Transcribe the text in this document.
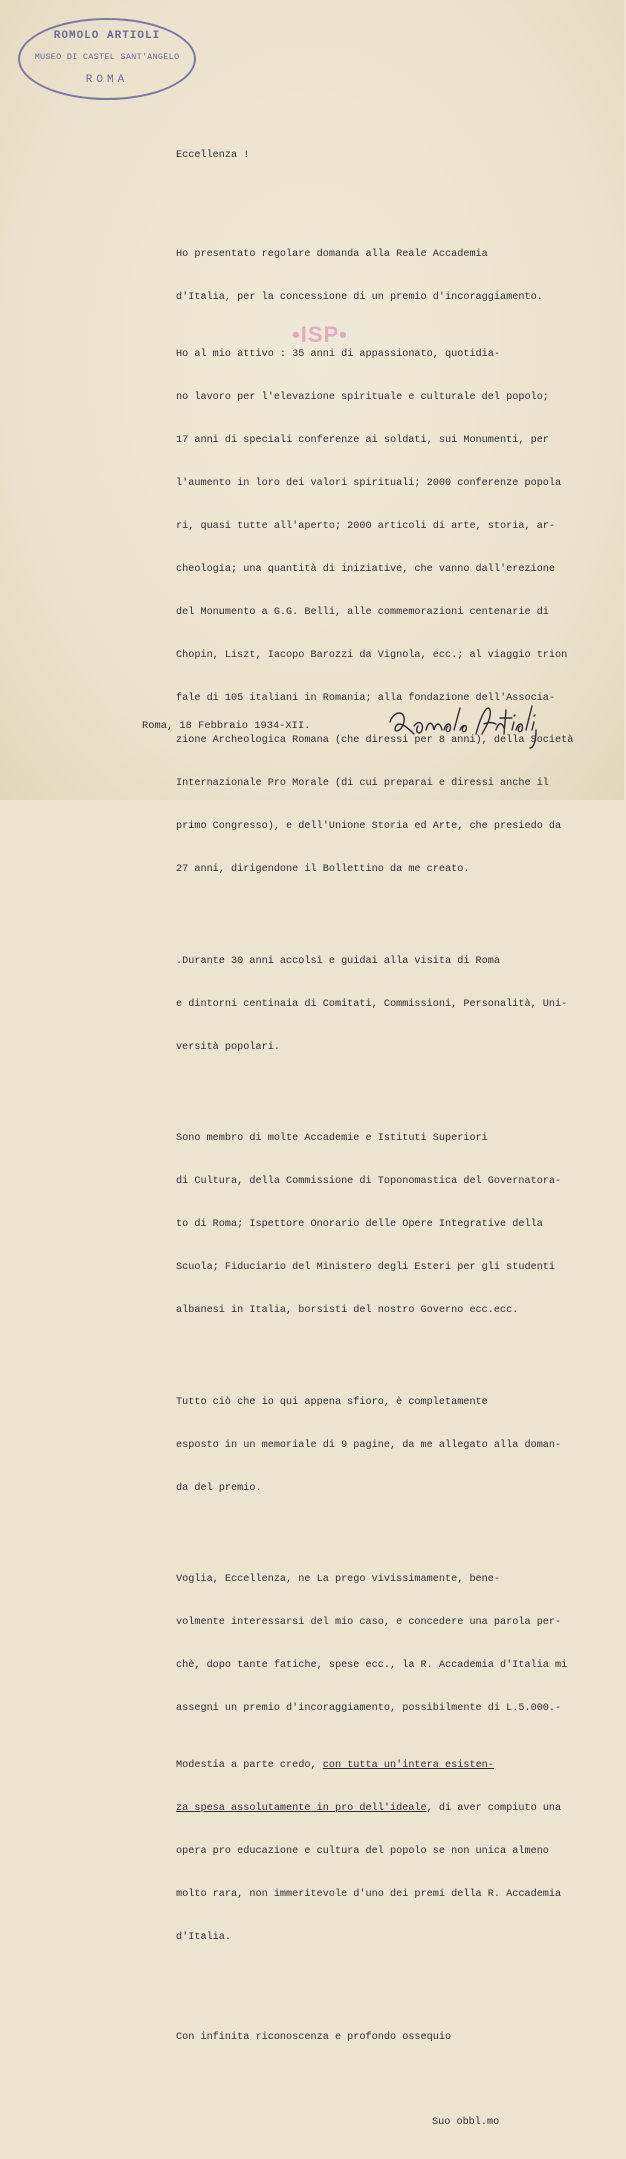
ROMOLO ARTIOLI
MUSEO DI CASTEL SANT'ANGELO
ROMA
•ISP•

Eccellenza !

Ho presentato regolare domanda alla Reale Accademia

d'Italia, per la concessione di un premio d'incoraggiamento.

Ho al mio attivo : 35 anni di appassionato, quotidia-

no lavoro per l'elevazione spirituale e culturale del popolo;

17 anni di speciali conferenze ai soldati, sui Monumenti, per

l'aumento in loro dei valori spirituali; 2000 conferenze popola

ri, quasi tutte all'aperto; 2000 articoli di arte, storia, ar-

cheologia; una quantità di iniziative, che vanno dall'erezione

del Monumento a G.G. Belli, alle commemorazioni centenarie di

Chopin, Liszt, Iacopo Barozzi da Vignola, ecc.; al viaggio trion

fale di 105 italiani in Romania; alla fondazione dell'Associa-

zione Archeologica Romana (che diressi per 8 anni), della Società

Internazionale Pro Morale (di cui preparai e diressi anche il

primo Congresso), e dell'Unione Storia ed Arte, che presiedo da

27 anni, dirigendone il Bollettino da me creato.

.Durante 30 anni accolsi e guidai alla visita di Roma

e dintorni centinaia di Comitati, Commissioni, Personalità, Uni-

versità popolari.

Sono membro di molte Accademie e Istituti Superiori

di Cultura, della Commissione di Toponomastica del Governatora-

to di Roma; Ispettore Onorario delle Opere Integrative della

Scuola; Fiduciario del Ministero degli Esteri per gli studenti

albanesi in Italia, borsisti del nostro Governo ecc.ecc.

Tutto ciò che io qui appena sfioro, è completamente

esposto in un memoriale di 9 pagine, da me allegato alla doman-

da del premio.

Voglia, Eccellenza, ne La prego vivissimamente, bene-

volmente interessarsi del mio caso, e concedere una parola per-

chè, dopo tante fatiche, spese ecc., la R. Accademia d'Italia mi

assegni un premio d'incoraggiamento, possibilmente di L.5.000.-

Modestia a parte credo, con tutta un'intera esisten-

za spesa assolutamente in pro dell'ideale, di aver compiuto una

opera pro educazione e cultura del popolo se non unica almeno

molto rara, non immeritevole d'uno dei premi della R. Accademia

d'Italia.

Con infinita riconoscenza e profondo ossequio

Suo obbl.mo

Roma, 18 Febbraio 1934-XII.
